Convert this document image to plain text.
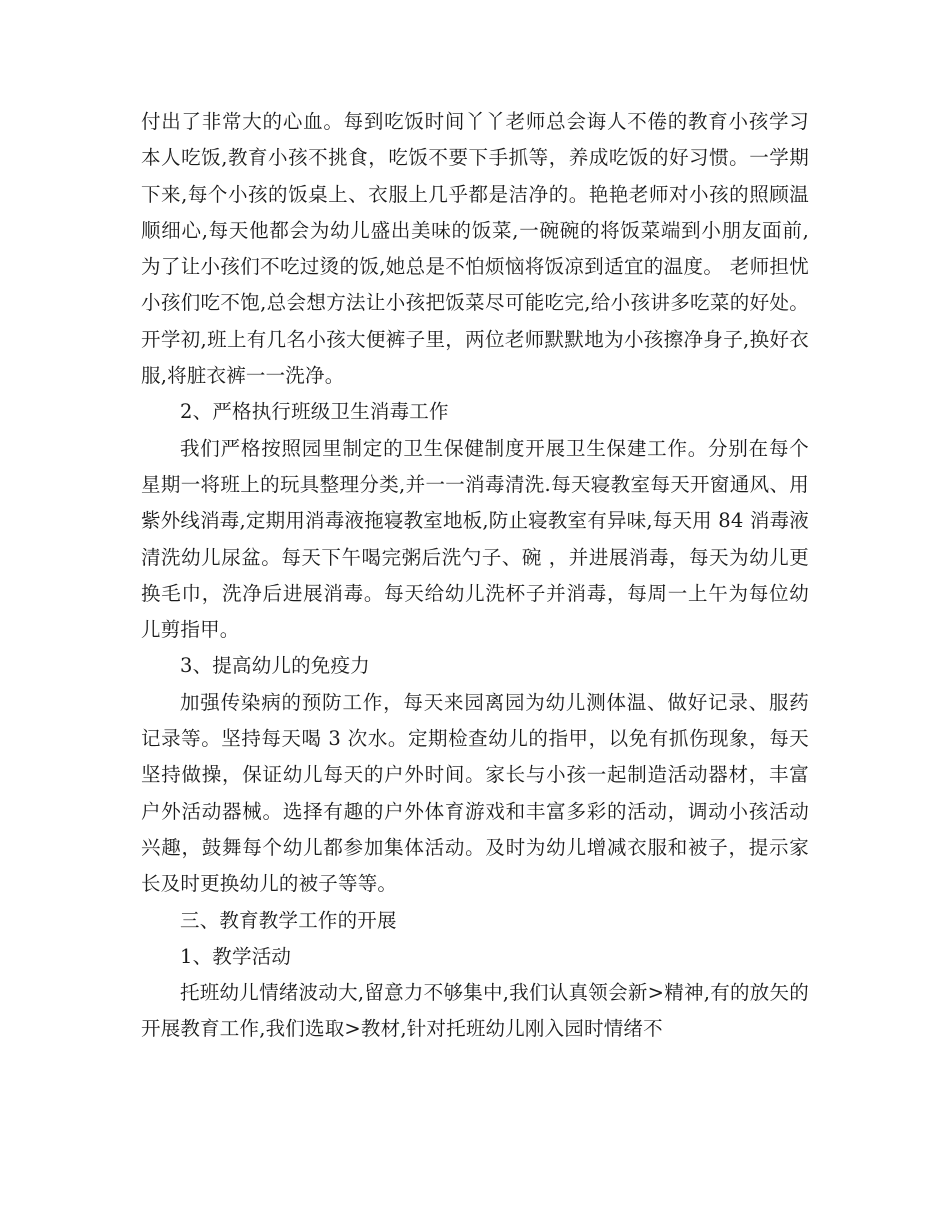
付出了非常大的心血。每到吃饭时间丫丫老师总会诲人不倦的教育小孩学习本人吃饭,教育小孩不挑食，吃饭不要下手抓等，养成吃饭的好习惯。一学期下来,每个小孩的饭桌上、衣服上几乎都是洁净的。艳艳老师对小孩的照顾温顺细心,每天他都会为幼儿盛出美味的饭菜,一碗碗的将饭菜端到小朋友面前,为了让小孩们不吃过烫的饭,她总是不怕烦恼将饭凉到适宜的温度。 老师担忧小孩们吃不饱,总会想方法让小孩把饭菜尽可能吃完,给小孩讲多吃菜的好处。开学初,班上有几名小孩大便裤子里，两位老师默默地为小孩擦净身子,换好衣服,将脏衣裤一一洗净。

2、严格执行班级卫生消毒工作

我们严格按照园里制定的卫生保健制度开展卫生保建工作。分别在每个星期一将班上的玩具整理分类,并一一消毒清洗.每天寝教室每天开窗通风、用紫外线消毒,定期用消毒液拖寝教室地板,防止寝教室有异味,每天用 84 消毒液清洗幼儿尿盆。每天下午喝完粥后洗勺子、碗 ，并进展消毒，每天为幼儿更换毛巾，洗净后进展消毒。每天给幼儿洗杯子并消毒，每周一上午为每位幼儿剪指甲。

3、提高幼儿的免疫力

加强传染病的预防工作，每天来园离园为幼儿测体温、做好记录、服药记录等。坚持每天喝 3 次水。定期检查幼儿的指甲，以免有抓伤现象，每天坚持做操，保证幼儿每天的户外时间。家长与小孩一起制造活动器材，丰富户外活动器械。选择有趣的户外体育游戏和丰富多彩的活动，调动小孩活动兴趣，鼓舞每个幼儿都参加集体活动。及时为幼儿增减衣服和被子，提示家长及时更换幼儿的被子等等。

三、教育教学工作的开展

1、教学活动

托班幼儿情绪波动大,留意力不够集中,我们认真领会新>精神,有的放矢的开展教育工作,我们选取>教材,针对托班幼儿刚入园时情绪不
